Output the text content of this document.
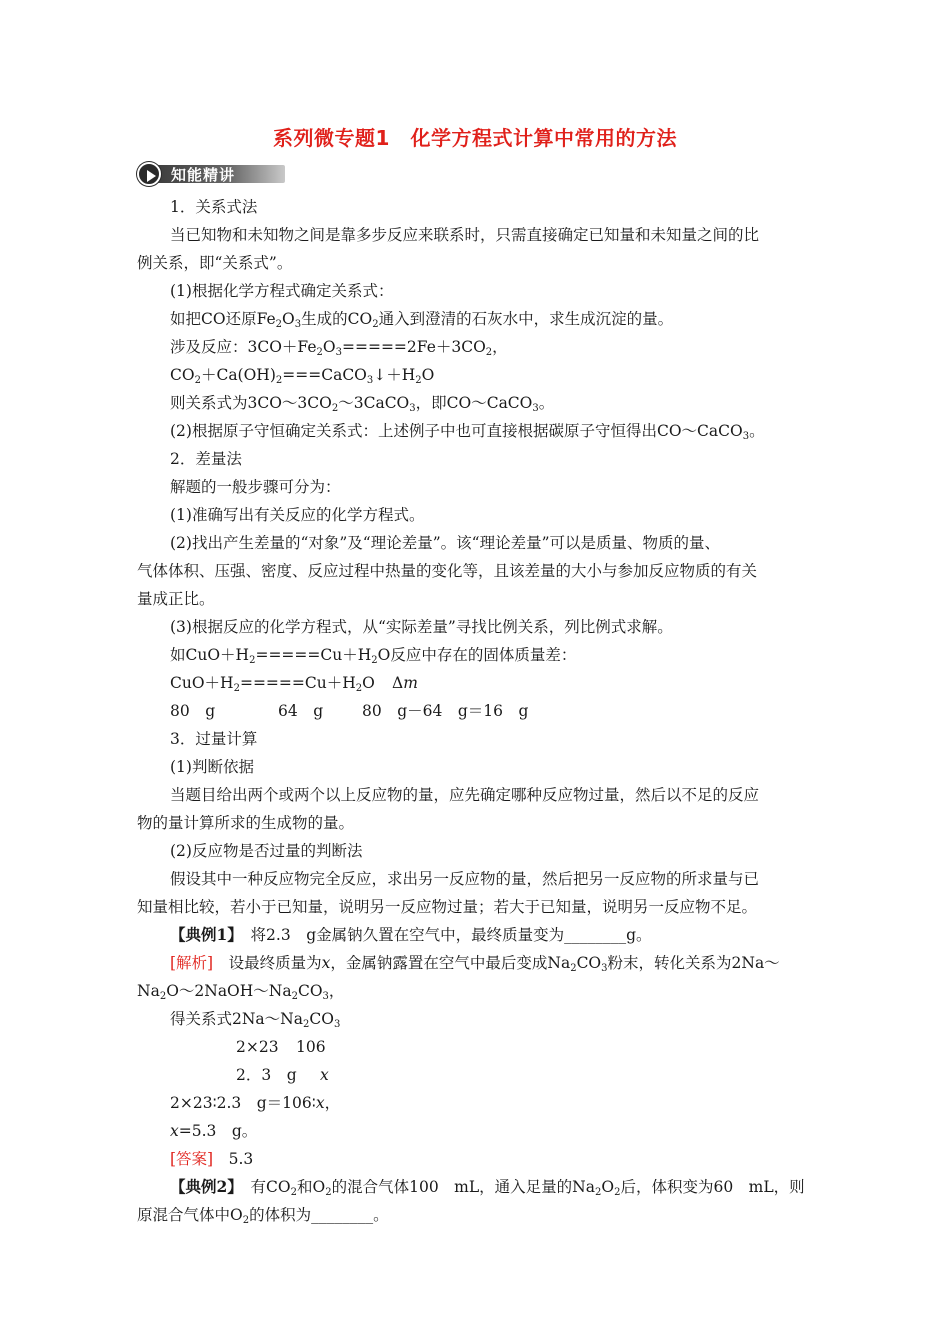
系列微专题1　化学方程式计算中常用的方法
知能精讲
1．关系式法
当已知物和未知物之间是靠多步反应来联系时，只需直接确定已知量和未知量之间的比
例关系，即“关系式”。
(1)根据化学方程式确定关系式：
如把CO还原$Fe_2O_3$生成的$CO_2$通入到澄清的石灰水中，求生成沉淀的量。
涉及反应：$3CO+Fe_2O_3=====2Fe+3CO_2$，
$CO_2+Ca(OH)_2===CaCO_3↓+H_2O$
则关系式为$3CO\sim 3CO_2\sim 3CaCO_3$，即CO～CaCO$_3$。
(2)根据原子守恒确定关系式：上述例子中也可直接根据碳原子守恒得出CO～CaCO$_3$。
2．差量法
解题的一般步骤可分为：
(1)准确写出有关反应的化学方程式。
(2)找出产生差量的“对象”及“理论差量”。该“理论差量”可以是质量、物质的量、
气体体积、压强、密度、反应过程中热量的变化等，且该差量的大小与参加反应物质的有关
量成正比。
(3)根据反应的化学方程式，从“实际差量”寻找比例关系，列比例式求解。
如$CuO+H_2=====Cu+H_2O$反应中存在的固体质量差：
$CuO+H_2=====Cu+H_2O$ Δm
80　g	64　g	80　g－64　g＝16　g
3．过量计算
(1)判断依据
当题目给出两个或两个以上反应物的量，应先确定哪种反应物过量，然后以不足的反应
物的量计算所求的生成物的量。
(2)反应物是否过量的判断法
假设其中一种反应物完全反应，求出另一反应物的量，然后把另一反应物的所求量与已
知量相比较，若小于已知量，说明另一反应物过量；若大于已知量，说明另一反应物不足。
【典例1】　将2.3　g金属钠久置在空气中，最终质量变为________g。
[解析]　设最终质量为x，金属钠露置在空气中最后变成$Na_2CO_3$粉末，转化关系为2Na～
$Na_2O\sim 2NaOH\sim Na_2CO_3$，
得关系式$2Na\sim Na_2CO_3$
2×23 106
2．3　g x
2×23∶2.3　g＝106∶x，
x=5.3　g。
[答案]　5.3
【典例2】　有$CO_2$和$O_2$的混合气体100　mL，通入足量的$Na_2O_2$后，体积变为60　mL，则
原混合气体中$O_2$的体积为________。
